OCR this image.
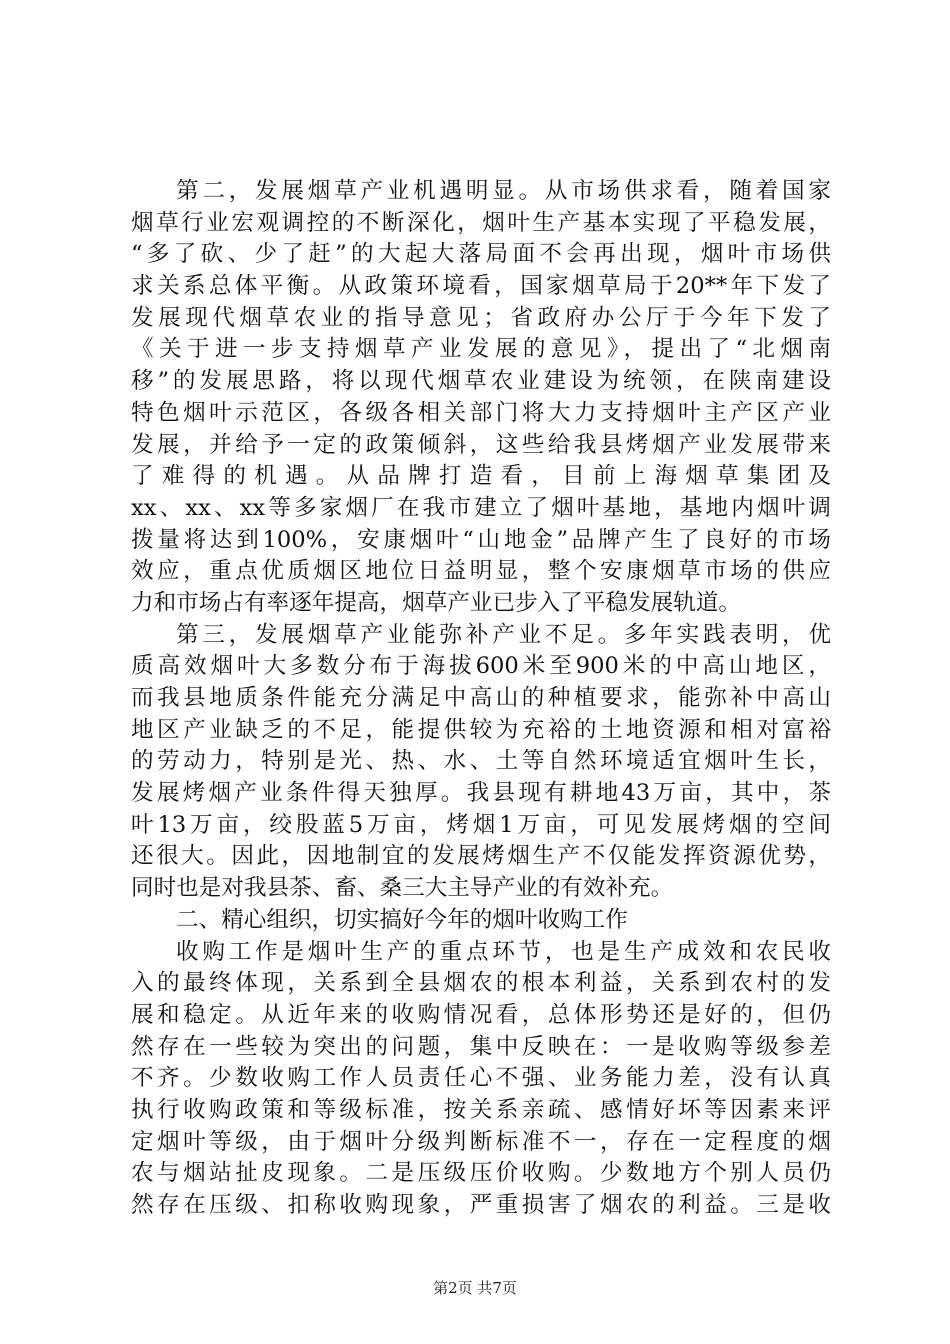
第二，发展烟草产业机遇明显。从市场供求看，随着国家
烟草行业宏观调控的不断深化，烟叶生产基本实现了平稳发展，
“多了砍、少了赶”的大起大落局面不会再出现，烟叶市场供
求关系总体平衡。从政策环境看，国家烟草局于20**年下发了
发展现代烟草农业的指导意见；省政府办公厅于今年下发了
《关于进一步支持烟草产业发展的意见》，提出了“北烟南
移”的发展思路，将以现代烟草农业建设为统领，在陕南建设
特色烟叶示范区，各级各相关部门将大力支持烟叶主产区产业
发展，并给予一定的政策倾斜，这些给我县烤烟产业发展带来
了难得的机遇。从品牌打造看，目前上海烟草集团及
xx、xx、xx等多家烟厂在我市建立了烟叶基地，基地内烟叶调
拨量将达到100%，安康烟叶“山地金”品牌产生了良好的市场
效应，重点优质烟区地位日益明显，整个安康烟草市场的供应
力和市场占有率逐年提高，烟草产业已步入了平稳发展轨道。
第三，发展烟草产业能弥补产业不足。多年实践表明，优
质高效烟叶大多数分布于海拔600米至900米的中高山地区，
而我县地质条件能充分满足中高山的种植要求，能弥补中高山
地区产业缺乏的不足，能提供较为充裕的土地资源和相对富裕
的劳动力，特别是光、热、水、土等自然环境适宜烟叶生长，
发展烤烟产业条件得天独厚。我县现有耕地43万亩，其中，茶
叶13万亩，绞股蓝5万亩，烤烟1万亩，可见发展烤烟的空间
还很大。因此，因地制宜的发展烤烟生产不仅能发挥资源优势，
同时也是对我县茶、畜、桑三大主导产业的有效补充。
二、精心组织，切实搞好今年的烟叶收购工作
收购工作是烟叶生产的重点环节，也是生产成效和农民收
入的最终体现，关系到全县烟农的根本利益，关系到农村的发
展和稳定。从近年来的收购情况看，总体形势还是好的，但仍
然存在一些较为突出的问题，集中反映在：一是收购等级参差
不齐。少数收购工作人员责任心不强、业务能力差，没有认真
执行收购政策和等级标准，按关系亲疏、感情好坏等因素来评
定烟叶等级，由于烟叶分级判断标准不一，存在一定程度的烟
农与烟站扯皮现象。二是压级压价收购。少数地方个别人员仍
然存在压级、扣称收购现象，严重损害了烟农的利益。三是收
第2页 共7页
